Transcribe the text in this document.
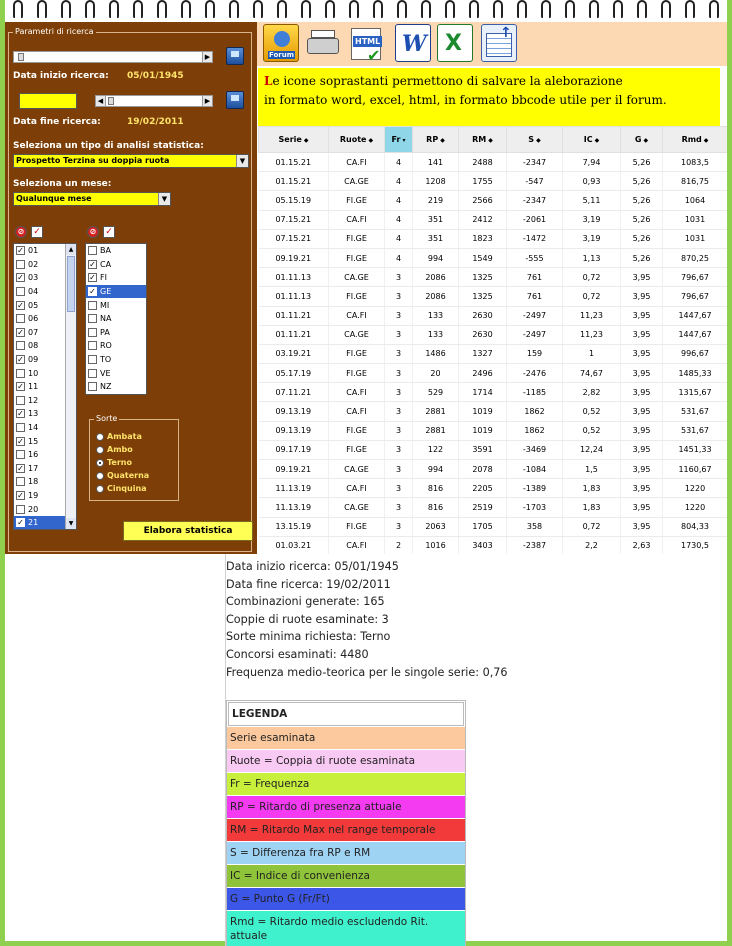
Parametri di ricerca
▶
Data inizio ricerca: 05/01/1945
◀	▶
Data fine ricerca:	19/02/2011
Seleziona un tipo di analisi statistica:
Prospetto Terzina su doppia ruota	▼
Seleziona un mese:
Qualunque mese	▼
⊘ ✓	⊘ ✓
✓ 01
02
✓ 03
04
✓ 05
06
✓ 07
08
✓ 09
10
✓ 11
12
✓ 13
14
✓ 15
16
✓ 17
18
✓ 19
20
✓ 21
▲
▼
BA
✓ CA
✓ FI
✓ GE
MI
NA
PA
RO
TO
VE
NZ
Sorte
Ambata
Ambo
Terno
Quaterna
Cinquina
Elabora statistica
Forum
HTML
✔ W X	↑
Le icone soprastanti permettono di salvare la aleborazione
in formato word, excel, html, in formato bbcode utile per il forum.
Serie ◆	Ruote ◆	Fr ▾	RP ◆	RM ◆	S ◆	IC ◆	G ◆	Rmd ◆
01.15.21	CA.FI	4	141	2488	-2347	7,94	5,26	1083,5
01.15.21	CA.GE	4	1208	1755	-547	0,93	5,26	816,75
05.15.19	FI.GE	4	219	2566	-2347	5,11	5,26	1064
07.15.21	CA.FI	4	351	2412	-2061	3,19	5,26	1031
07.15.21	FI.GE	4	351	1823	-1472	3,19	5,26	1031
09.19.21	FI.GE	4	994	1549	-555	1,13	5,26	870,25
01.11.13	CA.GE	3	2086	1325	761	0,72	3,95	796,67
01.11.13	FI.GE	3	2086	1325	761	0,72	3,95	796,67
01.11.21	CA.FI	3	133	2630	-2497	11,23	3,95	1447,67
01.11.21	CA.GE	3	133	2630	-2497	11,23	3,95	1447,67
03.19.21	FI.GE	3	1486	1327	159	1	3,95	996,67
05.17.19	FI.GE	3	20	2496	-2476	74,67	3,95	1485,33
07.11.21	CA.FI	3	529	1714	-1185	2,82	3,95	1315,67
09.13.19	CA.FI	3	2881	1019	1862	0,52	3,95	531,67
09.13.19	FI.GE	3	2881	1019	1862	0,52	3,95	531,67
09.17.19	FI.GE	3	122	3591	-3469	12,24	3,95	1451,33
09.19.21	CA.GE	3	994	2078	-1084	1,5	3,95	1160,67
11.13.19	CA.FI	3	816	2205	-1389	1,83	3,95	1220
11.13.19	CA.GE	3	816	2519	-1703	1,83	3,95	1220
13.15.19	FI.GE	3	2063	1705	358	0,72	3,95	804,33
01.03.21	CA.FI	2	1016	3403	-2387	2,2	2,63	1730,5
Data inizio ricerca: 05/01/1945
Data fine ricerca: 19/02/2011
Combinazioni generate: 165
Coppie di ruote esaminate: 3
Sorte minima richiesta: Terno
Concorsi esaminati: 4480
Frequenza medio-teorica per le singole serie: 0,76
LEGENDA
Serie esaminata
Ruote = Coppia di ruote esaminata
Fr = Frequenza
RP = Ritardo di presenza attuale
RM = Ritardo Max nel range temporale
S = Differenza fra RP e RM
IC = Indice di convenienza
G = Punto G (Fr/Ft)
Rmd = Ritardo medio escludendo Rit. attuale
